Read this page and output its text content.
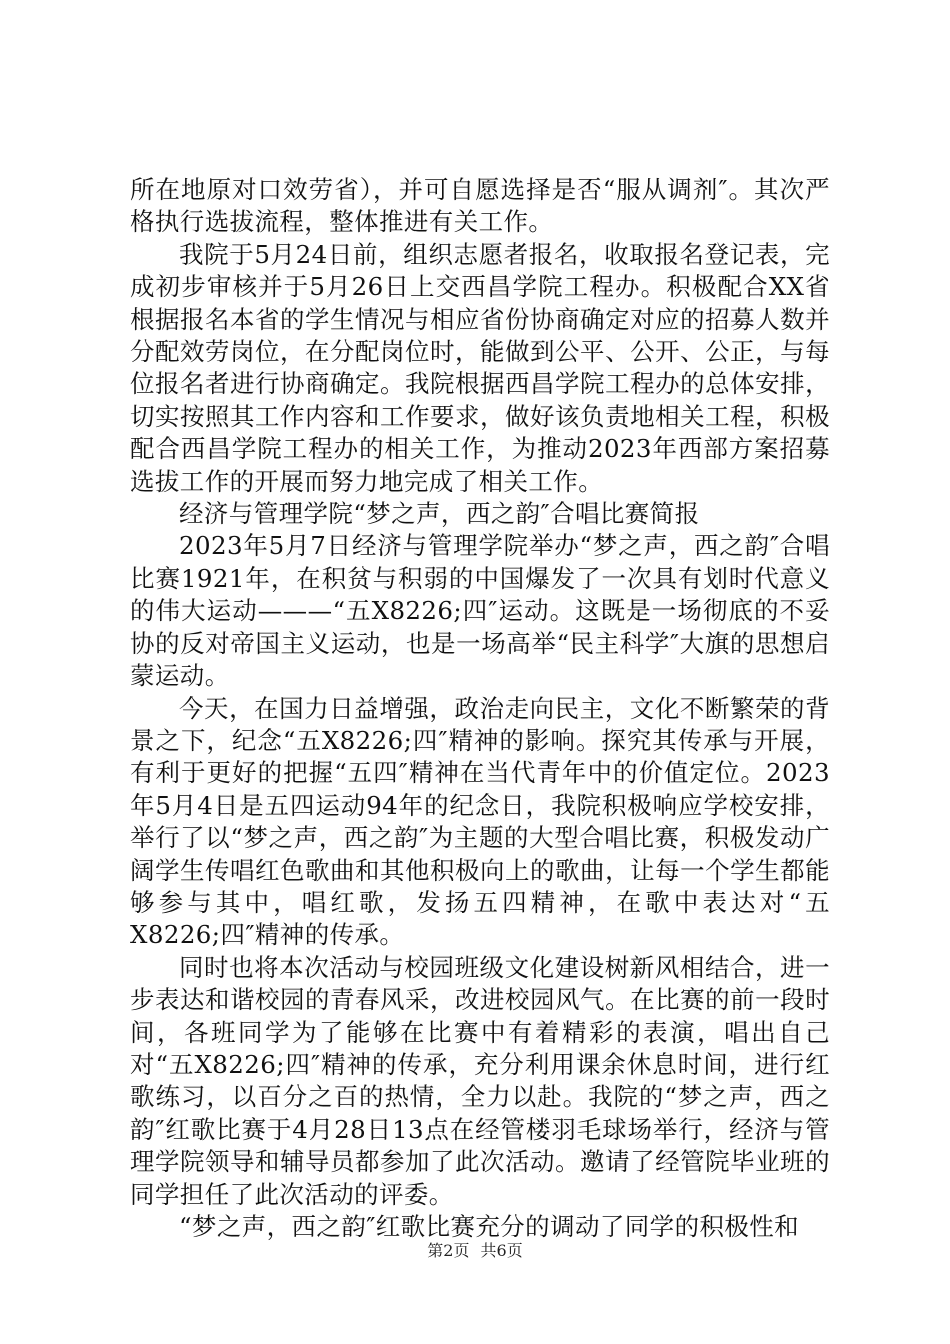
所在地原对口效劳省），并可自愿选择是否“服从调剂″。其次严格执行选拔流程，整体推进有关工作。

我院于5月24日前，组织志愿者报名，收取报名登记表，完成初步审核并于5月26日上交西昌学院工程办。积极配合XX省根据报名本省的学生情况与相应省份协商确定对应的招募人数并分配效劳岗位，在分配岗位时，能做到公平、公开、公正，与每位报名者进行协商确定。我院根据西昌学院工程办的总体安排，切实按照其工作内容和工作要求，做好该负责地相关工程，积极配合西昌学院工程办的相关工作，为推动2023年西部方案招募选拔工作的开展而努力地完成了相关工作。

经济与管理学院“梦之声，西之韵″合唱比赛简报

2023年5月7日经济与管理学院举办“梦之声，西之韵″合唱比赛1921年，在积贫与积弱的中国爆发了一次具有划时代意义的伟大运动———“五X8226;四″运动。这既是一场彻底的不妥协的反对帝国主义运动，也是一场高举“民主科学″大旗的思想启蒙运动。

今天，在国力日益增强，政治走向民主，文化不断繁荣的背景之下，纪念“五X8226;四″精神的影响。探究其传承与开展，有利于更好的把握“五四″精神在当代青年中的价值定位。2023年5月4日是五四运动94年的纪念日，我院积极响应学校安排，举行了以“梦之声，西之韵″为主题的大型合唱比赛，积极发动广阔学生传唱红色歌曲和其他积极向上的歌曲，让每一个学生都能够参与其中，唱红歌，发扬五四精神，在歌中表达对“五X8226;四″精神的传承。

同时也将本次活动与校园班级文化建设树新风相结合，进一步表达和谐校园的青春风采，改进校园风气。在比赛的前一段时间，各班同学为了能够在比赛中有着精彩的表演，唱出自己对“五X8226;四″精神的传承，充分利用课余休息时间，进行红歌练习，以百分之百的热情，全力以赴。我院的“梦之声，西之韵″红歌比赛于4月28日13点在经管楼羽毛球场举行，经济与管理学院领导和辅导员都参加了此次活动。邀请了经管院毕业班的同学担任了此次活动的评委。

“梦之声，西之韵″红歌比赛充分的调动了同学的积极性和

第2页 共6页
